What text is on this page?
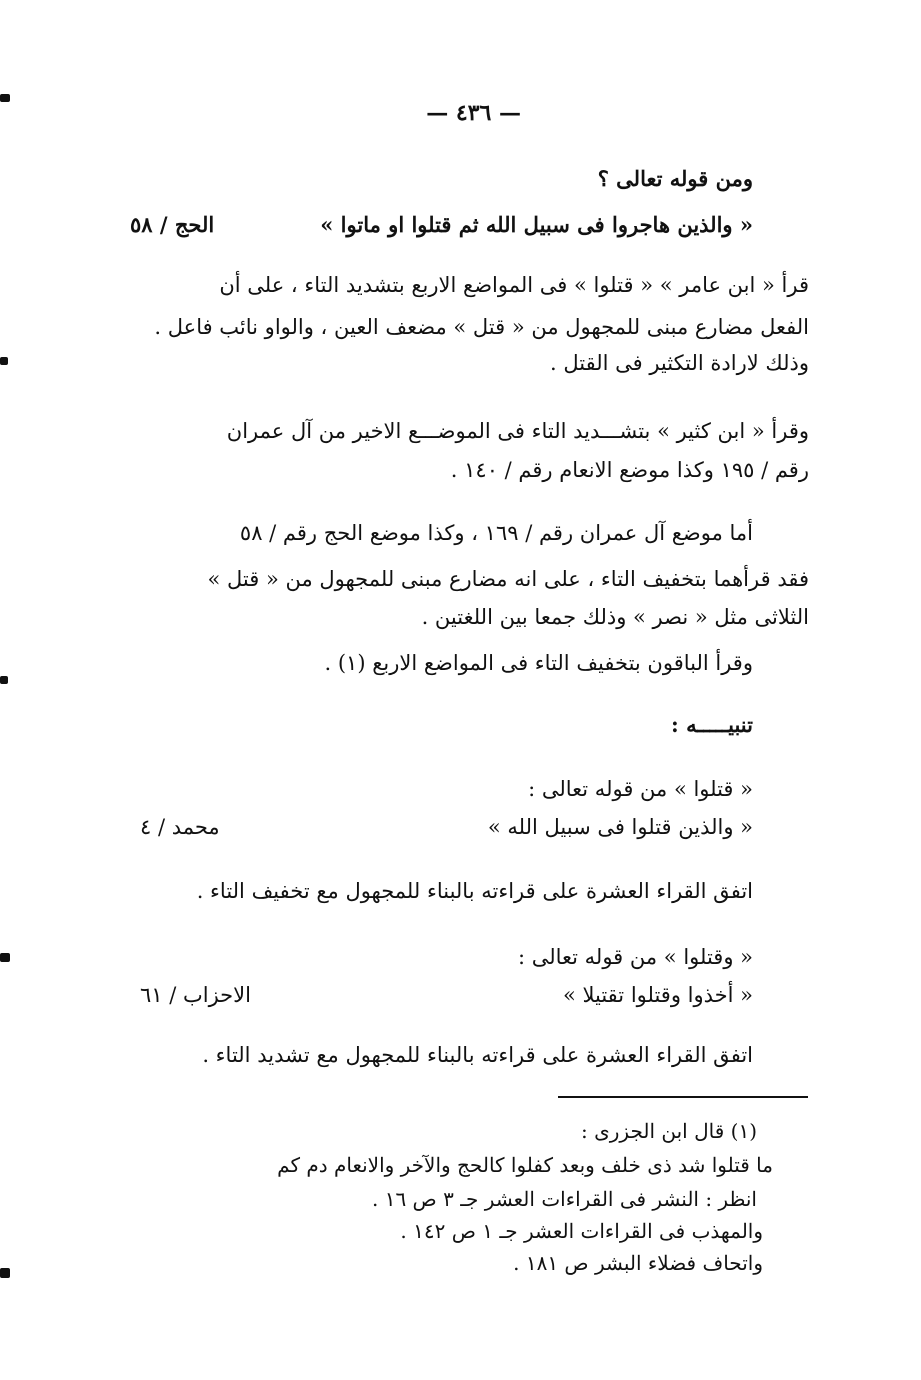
— ٤٣٦ —
ومن قوله تعالى ؟
« والذين هاجروا فى سبيل الله ثم قتلوا او ماتوا »
الحج / ٥٨
قرأ « ابن عامر » « قتلوا » فى المواضع الاربع بتشديد التاء ، على أن
الفعل مضارع مبنى للمجهول من « قتل » مضعف العين ، والواو نائب فاعل .
وذلك لارادة التكثير فى القتل .
وقرأ « ابن كثير » بتشـــديد التاء فى الموضـــع الاخير من آل عمران
رقم / ١٩٥ وكذا موضع الانعام رقم / ١٤٠ .
أما موضع آل عمران رقم / ١٦٩ ، وكذا موضع الحج رقم / ٥٨
فقد قرأهما بتخفيف التاء ، على انه مضارع مبنى للمجهول من « قتل »
الثلاثى مثل « نصر » وذلك جمعا بين اللغتين .
وقرأ الباقون بتخفيف التاء فى المواضع الاربع (١) .
تنبيـــــه :
« قتلوا » من قوله تعالى :
« والذين قتلوا فى سبيل الله »
محمد / ٤
اتفق القراء العشرة على قراءته بالبناء للمجهول مع تخفيف التاء .
« وقتلوا » من قوله تعالى :
« أخذوا وقتلوا تقتيلا »
الاحزاب / ٦١
اتفق القراء العشرة على قراءته بالبناء للمجهول مع تشديد التاء .
(١) قال ابن الجزرى :
ما قتلوا شد ذى خلف وبعد كفلوا كالحج والآخر والانعام دم كم
انظر : النشر فى القراءات العشر جـ ٣ ص ١٦ .
والمهذب فى القراءات العشر جـ ١ ص ١٤٢ .
واتحاف فضلاء البشر ص ١٨١ .
